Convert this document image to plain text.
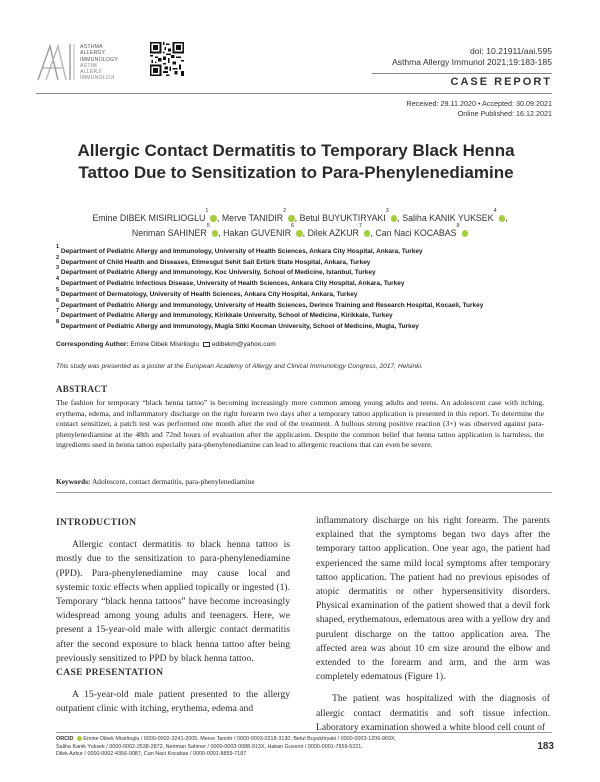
ASTHMA
ALLERGY
IMMUNOLOGY
ASTIM
ALLERJİ
İMMÜNOLOJİ
doi: 10.21911/aai.595
Asthma Allergy Immunol 2021;19:183-185
CASE REPORT
Received: 29.11.2020 • Accepted: 30.09.2021
Online Published: 16.12.2021
Allergic Contact Dermatitis to Temporary Black Henna
Tattoo Due to Sensitization to Para-Phenylenediamine
Emine DIBEK MISIRLIOGLU$^1$, Merve TANIDIR$^2$, Betul BUYUKTIRYAKI$^3$, Saliha KANIK YUKSEK$^4$,
Neriman SAHINER$^5$, Hakan GUVENIR$^6$, Dilek AZKUR$^7$, Can Naci KOCABAS$^8$
$^1$ Department of Pediatric Allergy and Immunology, University of Health Sciences, Ankara City Hospital, Ankara, Turkey
$^2$ Department of Child Health and Diseases, Etimesgut Sehit Sait Ertürk State Hospital, Ankara, Turkey
$^3$ Department of Pediatric Allergy and Immunology, Koc University, School of Medicine, Istanbul, Turkey
$^4$ Department of Pediatric Infectious Disease, University of Health Sciences, Ankara City Hospital, Ankara, Turkey
$^5$ Department of Dermatology, University of Health Sciences, Ankara City Hospital, Ankara, Turkey
$^6$ Department of Pediatric Allergy and Immunology, University of Health Sciences, Derince Training and Research Hospital, Kocaeli, Turkey
$^7$ Department of Pediatric Allergy and Immunology, Kirikkale University, School of Medicine, Kirikkale, Turkey
$^8$ Department of Pediatric Allergy and Immunology, Mugla Sitki Kocman University, School of Medicine, Mugla, Turkey
Corresponding Author: Emine Dibek Misirlioglu edibekm@yahoo.com
This study was presented as a poster at the European Academy of Allergy and Clinical Immunology Congress, 2017, Helsinki.
ABSTRACT
The fashion for temporary “black henna tattoo” is becoming increasingly more common among young adults and teens. An adolescent case with itching, erythema, edema, and inflammatory discharge on the right forearm two days after a temporary tattoo application is presented in this report. To determine the contact sensitizer, a patch test was performed one month after the end of the treatment. A bullous strong positive reaction (3+) was observed against para-phenylenediamine at the 48th and 72nd hours of evaluation after the application. Despite the common belief that henna tattoo application is harmless, the ingredients used in henna tattoo especially para-phenylenediamine can lead to allergenic reactions that can even be severe.
Keywords: Adolescent, contact dermatitis, para-phenylenediamine
INTRODUCTION

Allergic contact dermatitis to black henna tattoo is mostly due to the sensitization to para-phenylenediamine (PPD). Para-phenylenediamine may cause local and systemic toxic effects when applied topically or ingested (1). Temporary “black henna tattoos” have become increasingly widespread among young adults and teenagers. Here, we present a 15-year-old male with allergic contact dermatitis after the second exposure to black henna tattoo after being previously sensitized to PPD by black henna tattoo.

CASE PRESENTATION

A 15-year-old male patient presented to the allergy outpatient clinic with itching, erythema, edema and

inflammatory discharge on his right forearm. The parents explained that the symptoms began two days after the temporary tattoo application. One year ago, the patient had experienced the same mild local symptoms after temporary tattoo application. The patient had no previous episodes of atopic dermatitis or other hypersensitivity disorders. Physical examination of the patient showed that a devil fork shaped, erythematous, edematous area with a yellow dry and purulent discharge on the tattoo application area. The affected area was about 10 cm size around the elbow and extended to the forearm and arm, and the arm was completely edematous (Figure 1).

The patient was hospitalized with the diagnosis of allergic contact dermatitis and soft tissue infection. Laboratory examination showed a white blood cell count of

ORCID Emine Dibek Misirlioglu / 0000-0002-3241-2005, Merve Tanidir / 0000-0003-0218-3130, Betul Buyuktiryaki / 0000-0003-1206-969X,
Saliha Kanik Yuksek / 0000-0002-2538-2872, Neriman Sahiner / 0000-0003-0088-913X, Hakan Guvenir / 0000-0001-7659-5221,
Dilek Azkur / 0000-0002-4356-9087, Can Naci Kocabas / 0000-0001-8859-7187
183
